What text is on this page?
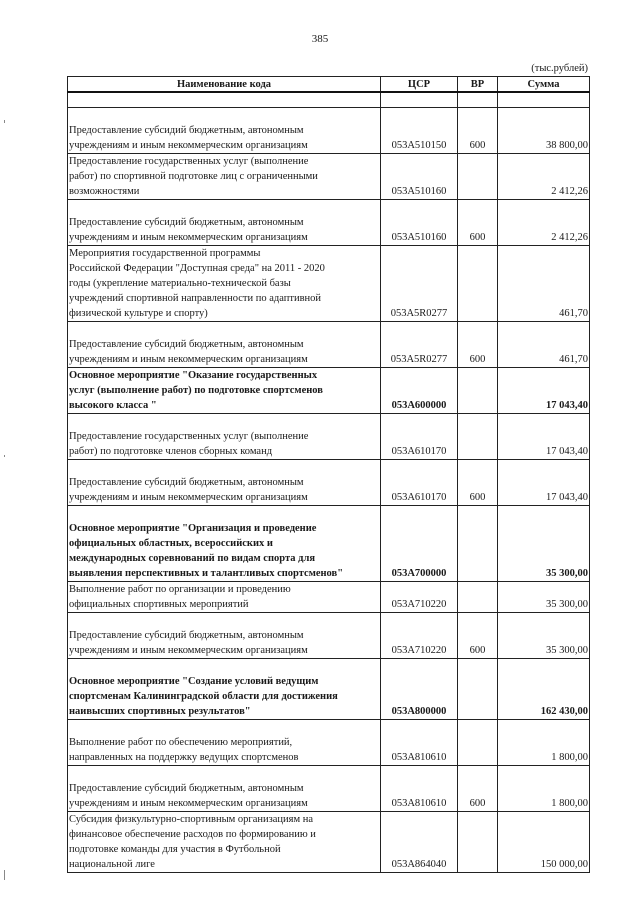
385
(тыс.рублей)
Наименование кода	ЦСР	ВР	Сумма

Предоставление субсидий бюджетным, автономным
учреждениям и иным некоммерческим организациям	053А510150	600	38 800,00
Предоставление государственных услуг (выполнение
работ) по спортивной подготовке лиц с ограниченными
возможностями	053А510160		2 412,26
Предоставление субсидий бюджетным, автономным
учреждениям и иным некоммерческим организациям	053А510160	600	2 412,26
Мероприятия государственной программы
Российской Федерации "Доступная среда" на 2011 - 2020
годы (укрепление материально-технической базы
учреждений спортивной направленности по адаптивной
физической культуре и спорту)	053А5R0277		461,70
Предоставление субсидий бюджетным, автономным
учреждениям и иным некоммерческим организациям	053А5R0277	600	461,70
Основное мероприятие "Оказание государственных
услуг (выполнение работ) по подготовке спортсменов
высокого класса "	053А600000		17 043,40
Предоставление государственных услуг (выполнение
работ) по подготовке членов сборных команд	053А610170		17 043,40
Предоставление субсидий бюджетным, автономным
учреждениям и иным некоммерческим организациям	053А610170	600	17 043,40
Основное мероприятие "Организация и проведение
официальных областных, всероссийских и
международных соревнований по видам спорта для
выявления перспективных и талантливых спортсменов"	053А700000		35 300,00
Выполнение работ по организации и проведению
официальных спортивных мероприятий	053А710220		35 300,00
Предоставление субсидий бюджетным, автономным
учреждениям и иным некоммерческим организациям	053А710220	600	35 300,00
Основное мероприятие "Создание условий ведущим
спортсменам Калининградской области для достижения
наивысших спортивных результатов"	053А800000		162 430,00
Выполнение работ по обеспечению мероприятий,
направленных на поддержку ведущих спортсменов	053А810610		1 800,00
Предоставление субсидий бюджетным, автономным
учреждениям и иным некоммерческим организациям	053А810610	600	1 800,00
Субсидия физкультурно-спортивным организациям на
финансовое обеспечение расходов по формированию и
подготовке команды для участия в Футбольной
национальной лиге	053А864040		150 000,00
